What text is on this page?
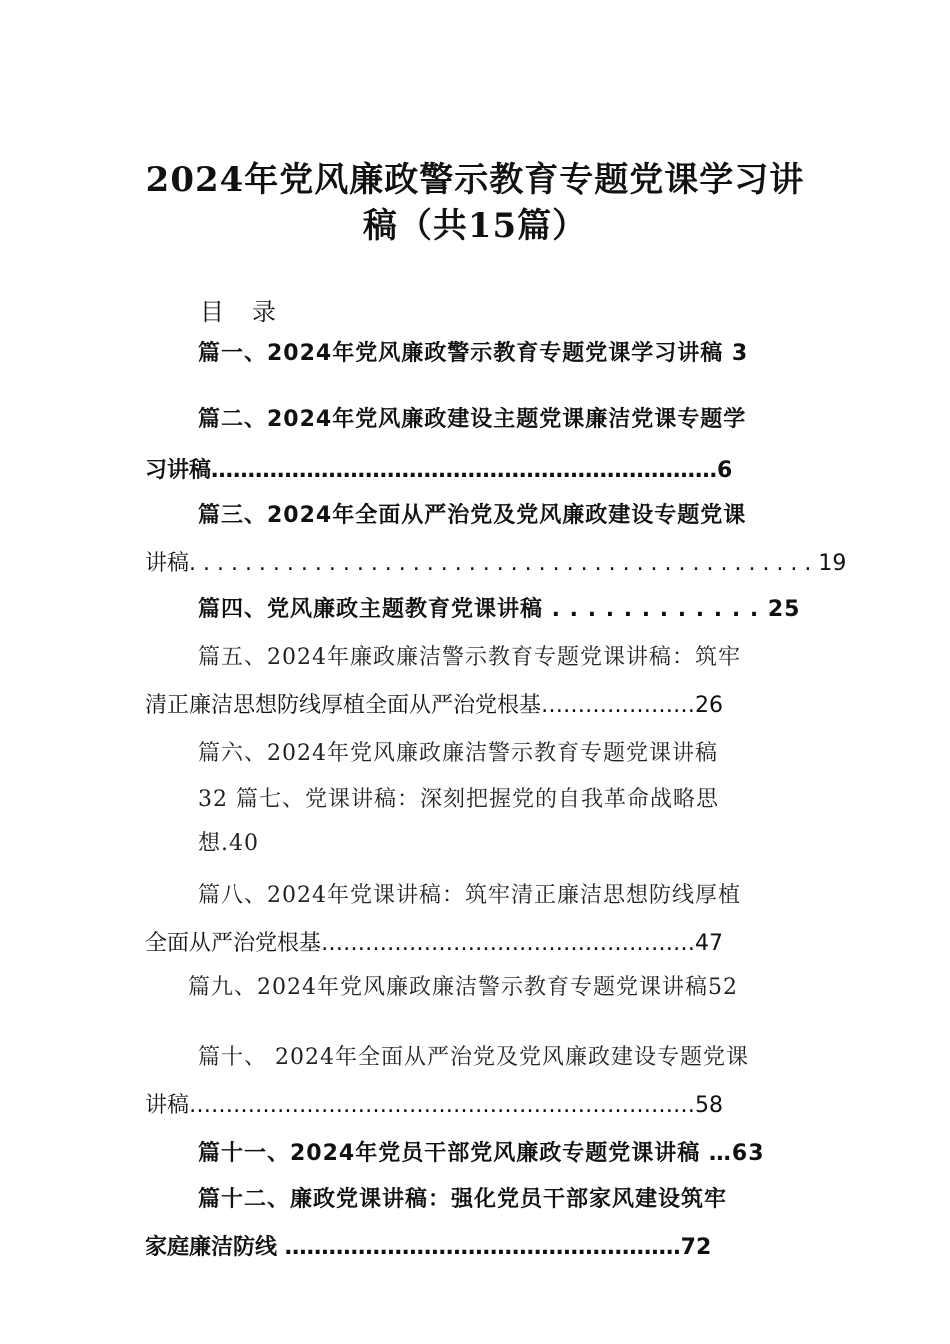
2024年党风廉政警示教育专题党课学习讲
稿（共15篇）
目录
篇一、2024年党风廉政警示教育专题党课学习讲稿 3
篇二、2024年党风廉政建设主题党课廉洁党课专题学
习讲稿……………………………………………………………6
篇三、2024年全面从严治党及党风廉政建设专题党课
讲稿. . . . . . . . . . . . . . . . . . . . . . . . . . . . . . . . . . . . . . . . . . . . . 19
篇四、党风廉政主题教育党课讲稿 . . . . . . . . . . . . 25
篇五、2024年廉政廉洁警示教育专题党课讲稿：筑牢
清正廉洁思想防线厚植全面从严治党根基…………………26
篇六、2024年党风廉政廉洁警示教育专题党课讲稿
32 篇七、党课讲稿：深刻把握党的自我革命战略思
想.40
篇八、2024年党课讲稿：筑牢清正廉洁思想防线厚植
全面从严治党根基……………………………………………47
篇九、2024年党风廉政廉洁警示教育专题党课讲稿52
篇十、 2024年全面从严治党及党风廉政建设专题党课
讲稿……………………………………………………………58
篇十一、2024年党员干部党风廉政专题党课讲稿 …63
篇十二、廉政党课讲稿：强化党员干部家风建设筑牢
家庭廉洁防线 ………………………………………………72
